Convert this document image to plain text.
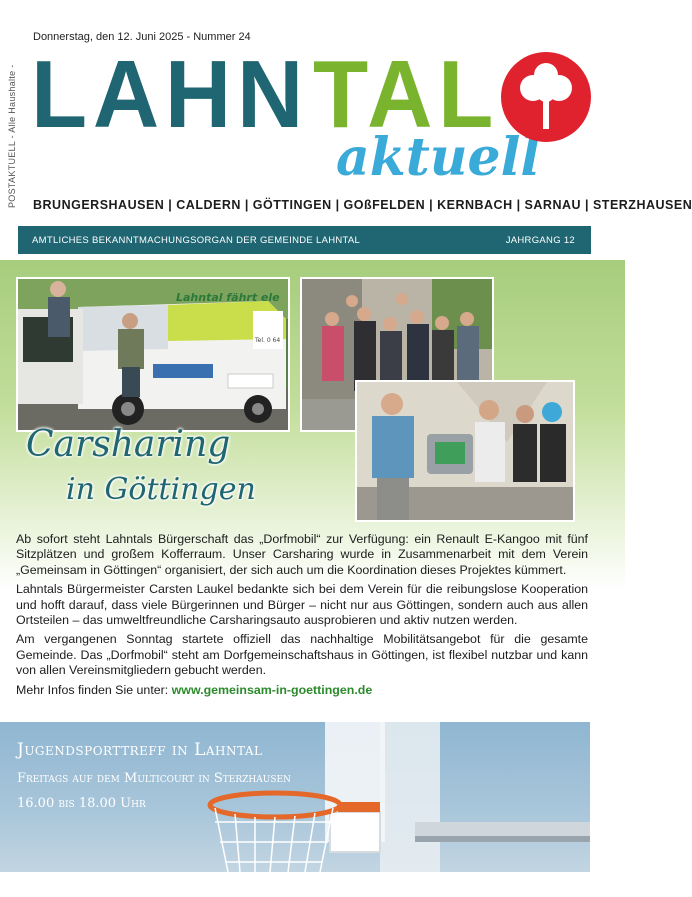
POSTAKTUELL - Alle Haushalte -
Donnerstag, den 12. Juni 2025 - Nummer 24
LAHN TAL
aktuell
BRUNGERSHAUSEN | CALDERN | GÖTTINGEN | GOßFELDEN | KERNBACH | SARNAU | STERZHAUSEN
AMTLICHES BEKANNTMACHUNGSORGAN DER GEMEINDE LAHNTAL	JAHRGANG 12
Lahntal fährt ele
Tel. 0 64
Carsharing
in Göttingen

Ab sofort steht Lahntals Bürgerschaft das „Dorfmobil“ zur Verfügung: ein Renault E-Kangoo mit fünf Sitzplätzen und großem Kofferraum. Unser Carsharing wurde in Zusammenarbeit mit dem Verein „Gemeinsam in Göttingen“ organisiert, der sich auch um die Koordination dieses Projektes kümmert.

Lahntals Bürgermeister Carsten Laukel bedankte sich bei dem Verein für die reibungslose Kooperation und hofft darauf, dass viele Bürgerinnen und Bürger – nicht nur aus Göttingen, sondern auch aus allen Ortsteilen – das umweltfreundliche Carsharingsauto ausprobieren und aktiv nutzen werden.

Am vergangenen Sonntag startete offiziell das nachhaltige Mobilitätsangebot für die gesamte Gemeinde. Das „Dorfmobil“ steht am Dorfgemeinschaftshaus in Göttingen, ist flexibel nutzbar und kann von allen Vereinsmitgliedern gebucht werden.

Mehr Infos finden Sie unter: www.gemeinsam-in-goettingen.de

Jugendsporttreff in Lahntal
Freitags auf dem Multicourt in Sterzhausen
16.00 bis 18.00 Uhr
